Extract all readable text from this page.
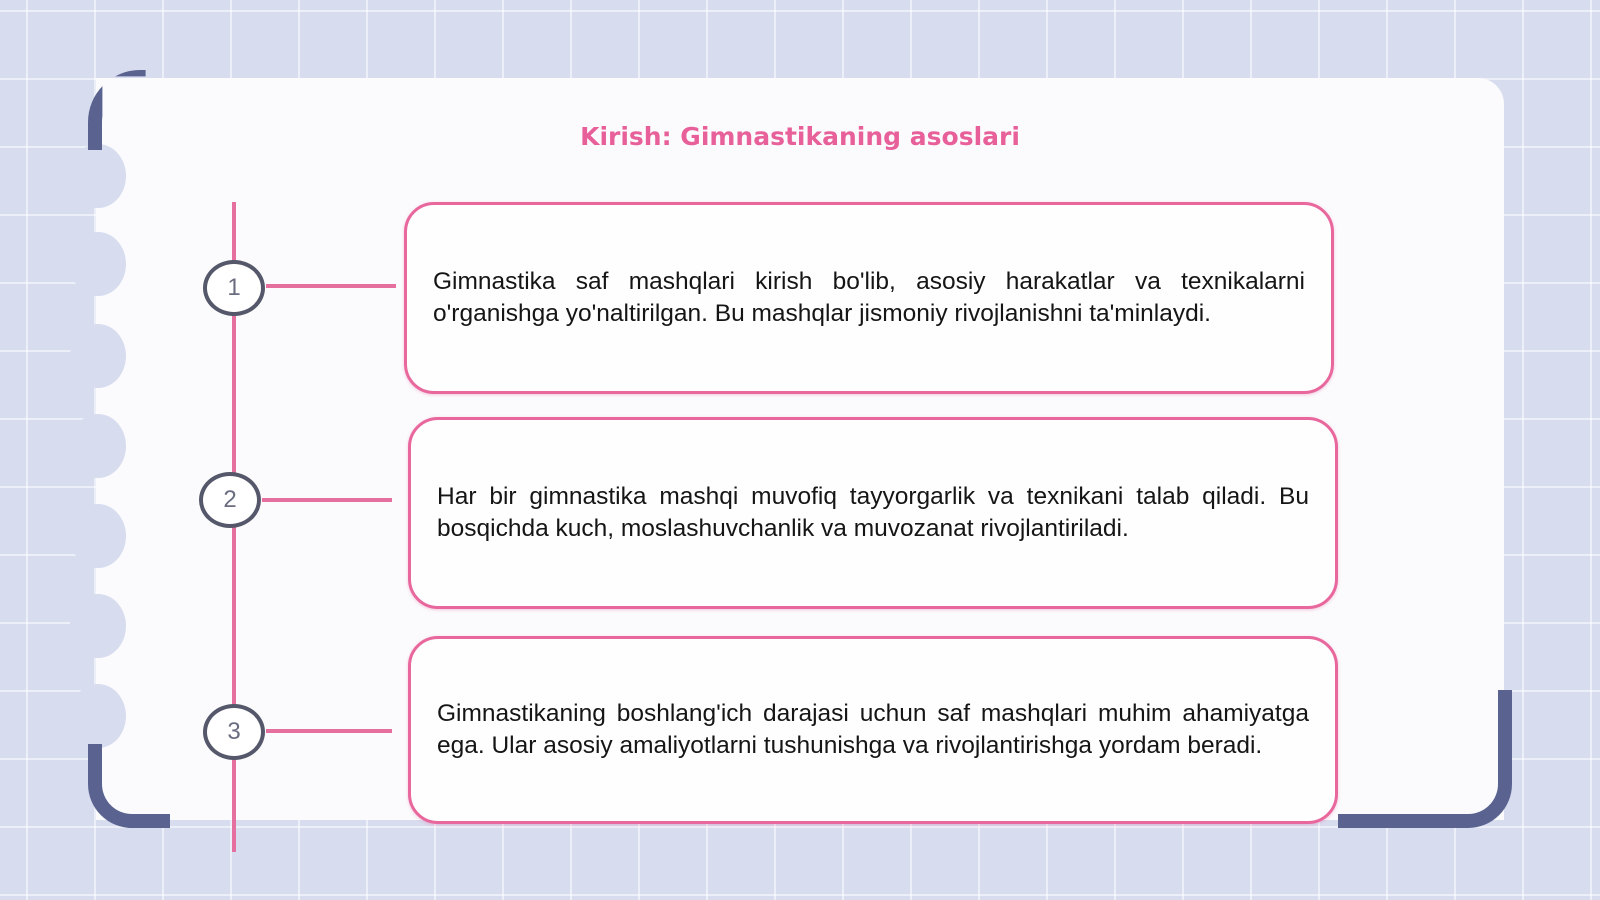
Kirish: Gimnastikaning asoslari
1	Gimnastika saf mashqlari kirish bo'lib, asosiy harakatlar va texnikalarni o'rganishga yo'naltirilgan. Bu mashqlar jismoniy rivojlanishni ta'minlaydi.

2	Har bir gimnastika mashqi muvofiq tayyorgarlik va texnikani talab qiladi. Bu bosqichda kuch, moslashuvchanlik va muvozanat rivojlantiriladi.

3

Gimnastikaning boshlang'ich darajasi uchun saf mashqlari muhim ahamiyatga ega. Ular asosiy amaliyotlarni tushunishga va rivojlantirishga yordam beradi.
